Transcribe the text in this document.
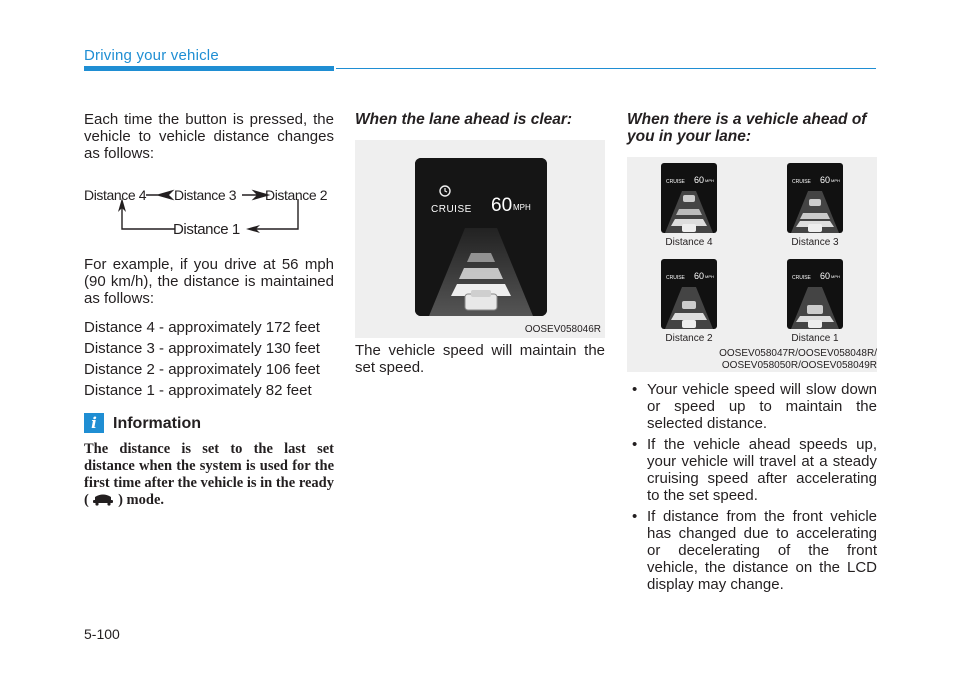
Driving your vehicle

Each time the button is pressed, the vehicle to vehicle distance changes as follows:

Distance 4 Distance 3 Distance 2
Distance 1

For example, if you drive at 56 mph (90 km/h), the distance is maintained as follows:

Distance 4 - approximately 172 feet

Distance 3 - approximately 130 feet

Distance 2 - approximately 106 feet

Distance 1 - approximately 82 feet

i	Information

The distance is set to the last set distance when the system is used for the first time after the vehicle is in the ready ( ) mode.

When the lane ahead is clear:

CRUISE 60 MPH
OOSEV058046R

The vehicle speed will maintain the set speed.

When there is a vehicle ahead of you in your lane:

CRUISE 60 MPH
Distance 4
CRUISE 60 MPH
Distance 3
CRUISE 60 MPH
Distance 2
CRUISE 60 MPH
Distance 1
OOSEV058047R/OOSEV058048R/
OOSEV058050R/OOSEV058049R
• Your vehicle speed will slow down or speed up to maintain the selected distance.
• If the vehicle ahead speeds up, your vehicle will travel at a steady cruising speed after accelerating to the set speed.
• If distance from the front vehicle has changed due to accelerating or decelerating of the front vehicle, the distance on the LCD display may change.
5-100
